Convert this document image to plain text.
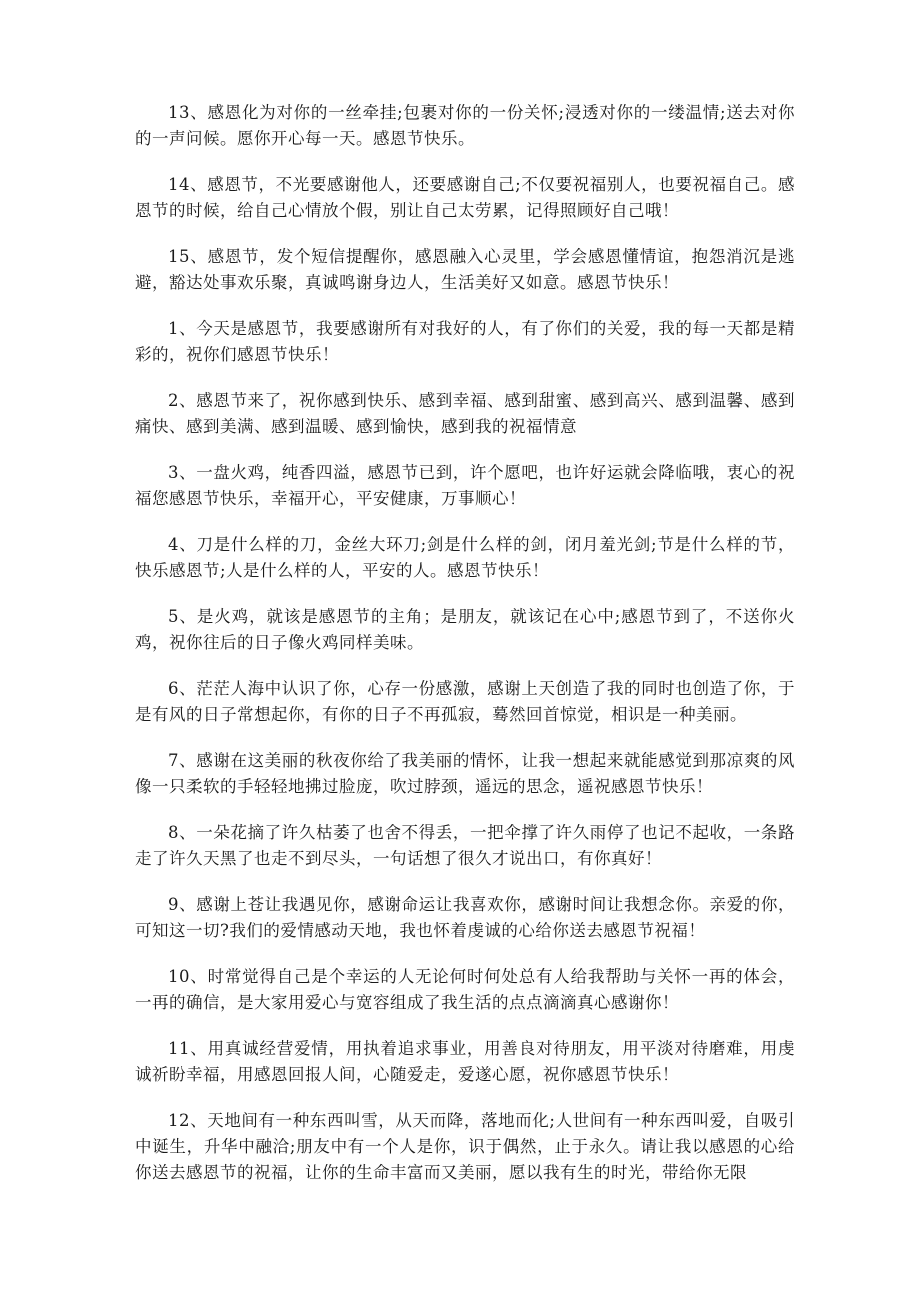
13、感恩化为对你的一丝牵挂;包裹对你的一份关怀;浸透对你的一缕温情;送去对你的一声问候。愿你开心每一天。感恩节快乐。

14、感恩节，不光要感谢他人，还要感谢自己;不仅要祝福别人，也要祝福自己。感恩节的时候，给自己心情放个假，别让自己太劳累，记得照顾好自己哦！

15、感恩节，发个短信提醒你，感恩融入心灵里，学会感恩懂情谊，抱怨消沉是逃避，豁达处事欢乐聚，真诚鸣谢身边人，生活美好又如意。感恩节快乐！

1、今天是感恩节，我要感谢所有对我好的人，有了你们的关爱，我的每一天都是精彩的，祝你们感恩节快乐！

2、感恩节来了，祝你感到快乐、感到幸福、感到甜蜜、感到高兴、感到温馨、感到痛快、感到美满、感到温暖、感到愉快，感到我的祝福情意

3、一盘火鸡，纯香四溢，感恩节已到，许个愿吧，也许好运就会降临哦，衷心的祝福您感恩节快乐，幸福开心，平安健康，万事顺心！

4、刀是什么样的刀，金丝大环刀;剑是什么样的剑，闭月羞光剑;节是什么样的节，快乐感恩节;人是什么样的人，平安的人。感恩节快乐！

5、是火鸡，就该是感恩节的主角；是朋友，就该记在心中;感恩节到了，不送你火鸡，祝你往后的日子像火鸡同样美味。

6、茫茫人海中认识了你，心存一份感激，感谢上天创造了我的同时也创造了你，于是有风的日子常想起你，有你的日子不再孤寂，蓦然回首惊觉，相识是一种美丽。

7、感谢在这美丽的秋夜你给了我美丽的情怀，让我一想起来就能感觉到那凉爽的风像一只柔软的手轻轻地拂过脸庞，吹过脖颈，遥远的思念，遥祝感恩节快乐！

8、一朵花摘了许久枯萎了也舍不得丢，一把伞撑了许久雨停了也记不起收，一条路走了许久天黑了也走不到尽头，一句话想了很久才说出口，有你真好！

9、感谢上苍让我遇见你，感谢命运让我喜欢你，感谢时间让我想念你。亲爱的你，可知这一切?我们的爱情感动天地，我也怀着虔诚的心给你送去感恩节祝福！

10、时常觉得自己是个幸运的人无论何时何处总有人给我帮助与关怀一再的体会，一再的确信，是大家用爱心与宽容组成了我生活的点点滴滴真心感谢你！

11、用真诚经营爱情，用执着追求事业，用善良对待朋友，用平淡对待磨难，用虔诚祈盼幸福，用感恩回报人间，心随爱走，爱遂心愿，祝你感恩节快乐！

12、天地间有一种东西叫雪，从天而降，落地而化;人世间有一种东西叫爱，自吸引中诞生，升华中融洽;朋友中有一个人是你，识于偶然，止于永久。请让我以感恩的心给你送去感恩节的祝福，让你的生命丰富而又美丽，愿以我有生的时光，带给你无限
